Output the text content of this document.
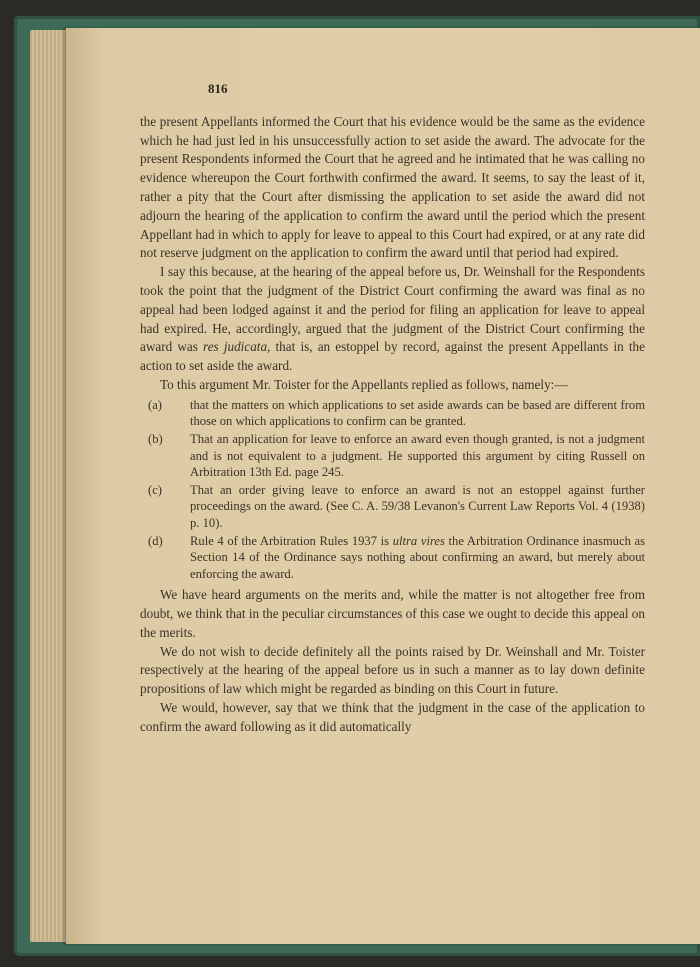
816

the present Appellants informed the Court that his evidence would be the same as the evidence which he had just led in his unsuccessfully action to set aside the award. The advocate for the present Respondents informed the Court that he agreed and he intimated that he was calling no evidence whereupon the Court forthwith confirmed the award. It seems, to say the least of it, rather a pity that the Court after dismissing the application to set aside the award did not adjourn the hearing of the application to confirm the award until the period which the present Appellant had in which to apply for leave to appeal to this Court had expired, or at any rate did not reserve judgment on the application to confirm the award until that period had expired.

I say this because, at the hearing of the appeal before us, Dr. Weinshall for the Respondents took the point that the judgment of the District Court confirming the award was final as no appeal had been lodged against it and the period for filing an application for leave to appeal had expired. He, accordingly, argued that the judgment of the District Court confirming the award was res judicata, that is, an estoppel by record, against the present Appellants in the action to set aside the award.

To this argument Mr. Toister for the Appellants replied as follows, namely:—

(a)	that the matters on which applications to set aside awards can be based are different from those on which applications to confirm can be granted.
(b)	That an application for leave to enforce an award even though granted, is not a judgment and is not equivalent to a judgment. He supported this argument by citing Russell on Arbitration 13th Ed. page 245.
(c)	That an order giving leave to enforce an award is not an estoppel against further proceedings on the award. (See C. A. 59/38 Levanon's Current Law Reports Vol. 4 (1938) p. 10).
(d)	Rule 4 of the Arbitration Rules 1937 is ultra vires the Arbitration Ordinance inasmuch as Section 14 of the Ordinance says nothing about confirming an award, but merely about enforcing the award.

We have heard arguments on the merits and, while the matter is not altogether free from doubt, we think that in the peculiar circumstances of this case we ought to decide this appeal on the merits.

We do not wish to decide definitely all the points raised by Dr. Weinshall and Mr. Toister respectively at the hearing of the appeal before us in such a manner as to lay down definite propositions of law which might be regarded as binding on this Court in future.

We would, however, say that we think that the judgment in the case of the application to confirm the award following as it did automatically
